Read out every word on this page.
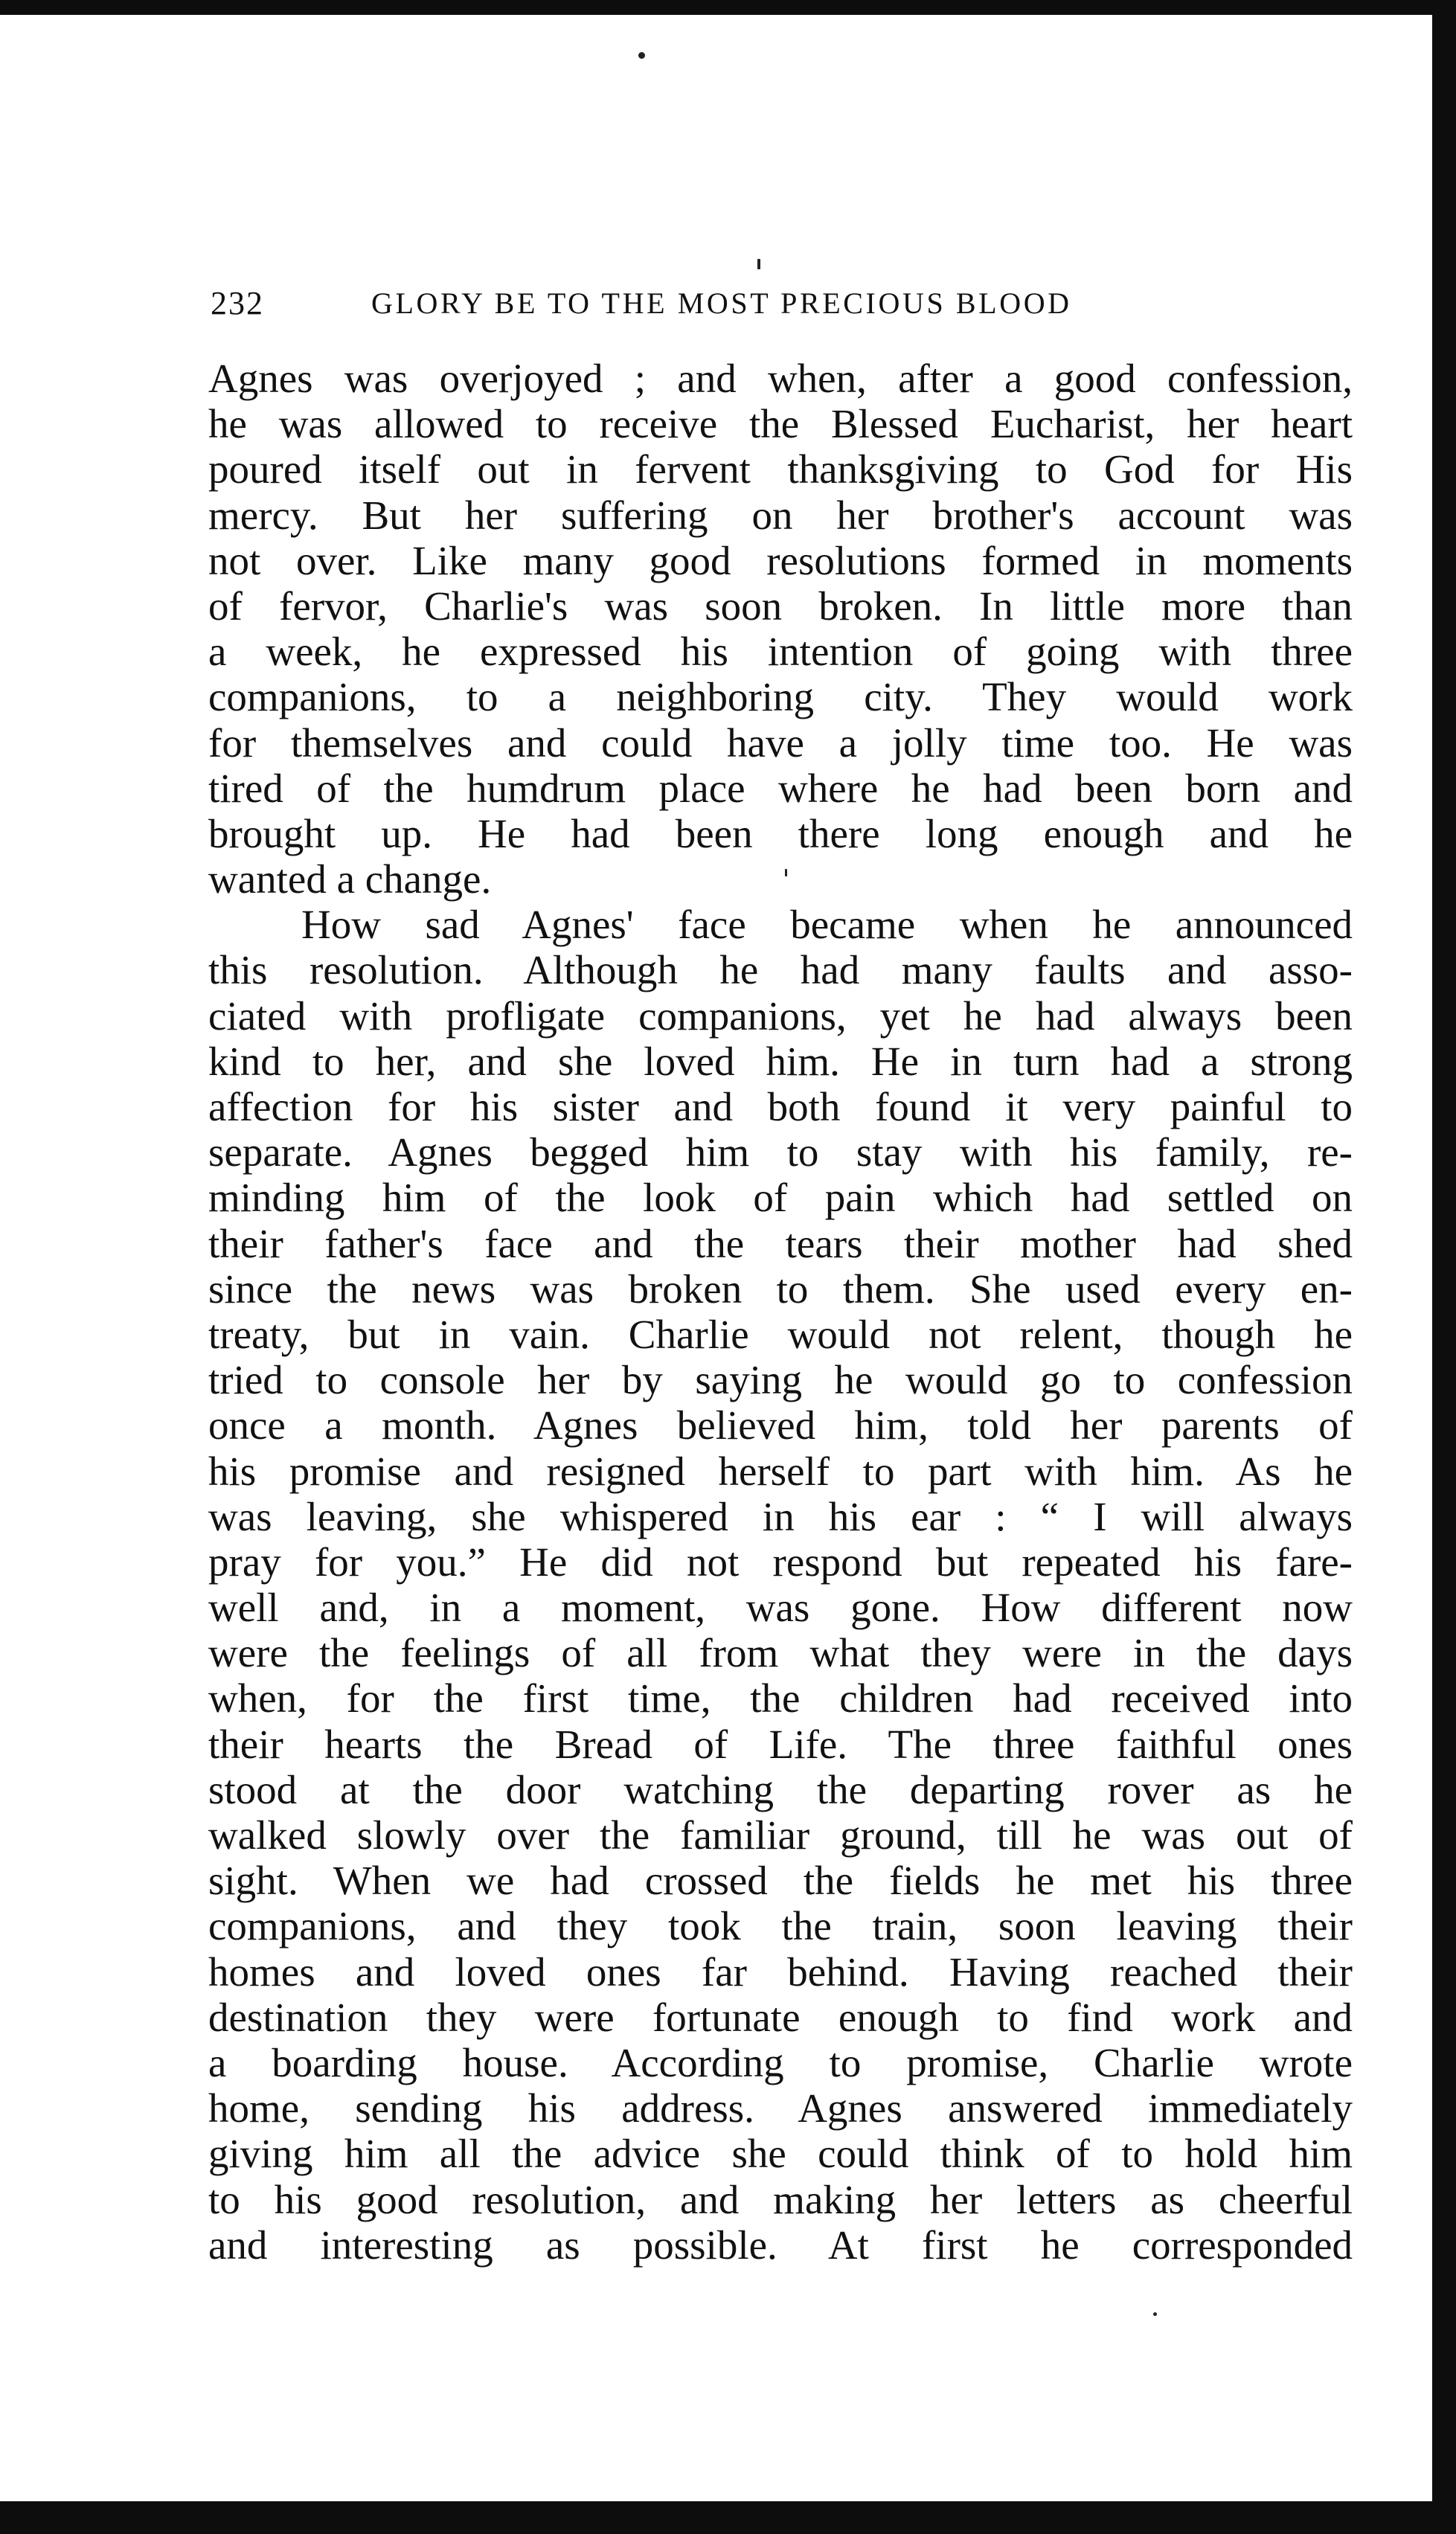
232	GLORY BE TO THE MOST PRECIOUS BLOOD
Agnes was overjoyed ; and when, after a good confession,
he was allowed to receive the Blessed Eucharist, her heart
poured itself out in fervent thanksgiving to God for His
mercy. But her suffering on her brother's account was
not over. Like many good resolutions formed in moments
of fervor, Charlie's was soon broken. In little more than
a week, he expressed his intention of going with three
companions, to a neighboring city. They would work
for themselves and could have a jolly time too. He was
tired of the humdrum place where he had been born and
brought up. He had been there long enough and he
wanted a change.
How sad Agnes' face became when he announced
this resolution. Although he had many faults and asso-
ciated with profligate companions, yet he had always been
kind to her, and she loved him. He in turn had a strong
affection for his sister and both found it very painful to
separate. Agnes begged him to stay with his family, re-
minding him of the look of pain which had settled on
their father's face and the tears their mother had shed
since the news was broken to them. She used every en-
treaty, but in vain. Charlie would not relent, though he
tried to console her by saying he would go to confession
once a month. Agnes believed him, told her parents of
his promise and resigned herself to part with him. As he
was leaving, she whispered in his ear : “ I will always
pray for you.” He did not respond but repeated his fare-
well and, in a moment, was gone. How different now
were the feelings of all from what they were in the days
when, for the first time, the children had received into
their hearts the Bread of Life. The three faithful ones
stood at the door watching the departing rover as he
walked slowly over the familiar ground, till he was out of
sight. When we had crossed the fields he met his three
companions, and they took the train, soon leaving their
homes and loved ones far behind. Having reached their
destination they were fortunate enough to find work and
a boarding house. According to promise, Charlie wrote
home, sending his address. Agnes answered immediately
giving him all the advice she could think of to hold him
to his good resolution, and making her letters as cheerful
and interesting as possible. At first he corresponded
